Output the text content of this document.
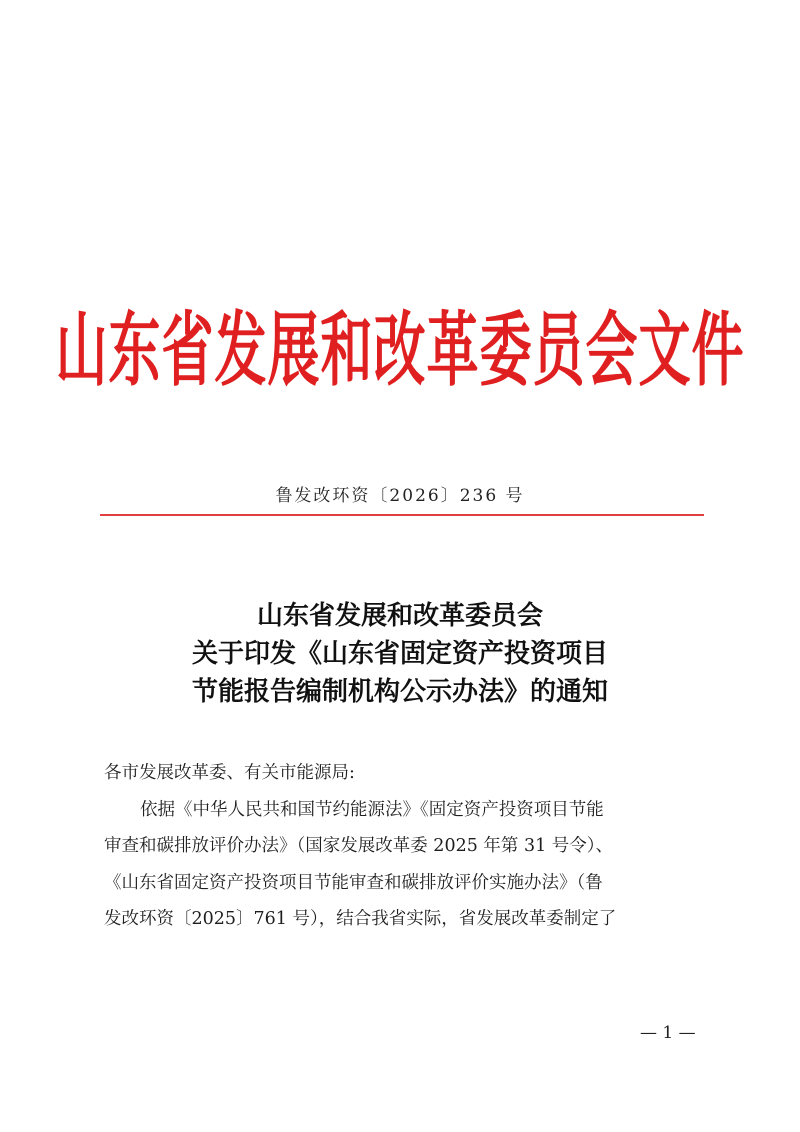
山东省发展和改革委员会文件
鲁发改环资〔2026〕236 号
山东省发展和改革委员会
关于印发《山东省固定资产投资项目
节能报告编制机构公示办法》的通知
各市发展改革委、有关市能源局:
依据《中华人民共和国节约能源法》《固定资产投资项目节能
审查和碳排放评价办法》（国家发展改革委 2025 年第 31 号令）、
《山东省固定资产投资项目节能审查和碳排放评价实施办法》（鲁
发改环资〔2025〕761 号），结合我省实际，省发展改革委制定了
— 1 —
